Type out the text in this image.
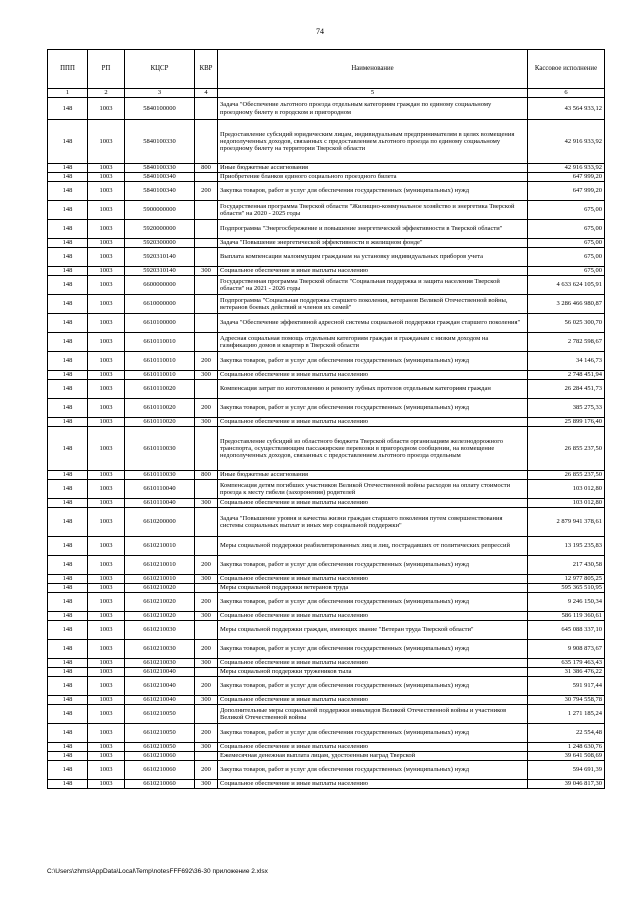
74
ППП	РП	КЦСР	КВР	Наименование	Кассовое исполнение
1	2	3	4	5	6
148	1003	5840100000		Задача "Обеспечение льготного проезда отдельным категориям граждан по единому социальному проездному билету в городском и пригородном	43 564 933,12
148	1003	5840100330		Предоставление субсидий юридическим лицам, индивидуальным предпринимателям в целях возмещения недополученных доходов, связанных с предоставлением льготного проезда по единому социальному проездному билету на территории Тверской области	42 916 933,92
148	1003	5840100330	800	Иные бюджетные ассигнования	42 916 933,92
148	1003	5840100340		Приобретение бланков единого социального проездного билета	647 999,20
148	1003	5840100340	200	Закупка товаров, работ и услуг для обеспечения государственных (муниципальных) нужд	647 999,20
148	1003	5900000000		Государственная программа Тверской области "Жилищно-коммунальное хозяйство и энергетика Тверской области" на 2020 - 2025 годы	675,00
148	1003	5920000000		Подпрограмма "Энергосбережение и повышение энергетической эффективности в Тверской области"	675,00
148	1003	5920300000		Задача "Повышение энергетической эффективности в жилищном фонде"	675,00
148	1003	5920310140		Выплата компенсации малоимущим гражданам на установку индивидуальных приборов учета	675,00
148	1003	5920310140	300	Социальное обеспечение и иные выплаты населению	675,00
148	1003	6600000000		Государственная программа Тверской области "Социальная поддержка и защита населения Тверской области" на 2021 - 2026 годы	4 633 624 105,91
148	1003	6610000000		Подпрограмма "Социальная поддержка старшего поколения, ветеранов Великой Отечественной войны, ветеранов боевых действий и членов их семей"	3 286 466 980,87
148	1003	6610100000		Задача "Обеспечение эффективной адресной системы социальной поддержки граждан старшего поколения"	56 025 300,70
148	1003	6610110010		Адресная социальная помощь отдельным категориям граждан и гражданам с низким доходом на газификацию домов и квартир в Тверской области	2 782 598,67
148	1003	6610110010	200	Закупка товаров, работ и услуг для обеспечения государственных (муниципальных) нужд	34 146,73
148	1003	6610110010	300	Социальное обеспечение и иные выплаты населению	2 748 451,94
148	1003	6610110020		Компенсация затрат по изготовлению и ремонту зубных протезов отдельным категориям граждан	26 284 451,73
148	1003	6610110020	200	Закупка товаров, работ и услуг для обеспечения государственных (муниципальных) нужд	385 275,33
148	1003	6610110020	300	Социальное обеспечение и иные выплаты населению	25 899 176,40
148	1003	6610110030		Предоставление субсидий из областного бюджета Тверской области организациям железнодорожного транспорта, осуществляющим пассажирские перевозки в пригородном сообщении, на возмещение недополученных доходов, связанных с предоставлением льготного проезда отдельным	26 855 237,50
148	1003	6610110030	800	Иные бюджетные ассигнования	26 855 237,50
148	1003	6610110040		Компенсация детям погибших участников Великой Отечественной войны расходов на оплату стоимости проезда к месту гибели (захоронения) родителей	103 012,80
148	1003	6610110040	300	Социальное обеспечение и иные выплаты населению	103 012,80
148	1003	6610200000		Задача "Повышение уровня и качества жизни граждан старшего поколения путем совершенствования системы социальных выплат и иных мер социальной поддержки"	2 879 941 378,61
148	1003	6610210010		Меры социальной поддержки реабилитированных лиц и лиц, пострадавших от политических репрессий	13 195 235,83
148	1003	6610210010	200	Закупка товаров, работ и услуг для обеспечения государственных (муниципальных) нужд	217 430,58
148	1003	6610210010	300	Социальное обеспечение и иные выплаты населению	12 977 805,25
148	1003	6610210020		Меры социальной поддержки ветеранов труда	595 365 510,95
148	1003	6610210020	200	Закупка товаров, работ и услуг для обеспечения государственных (муниципальных) нужд	9 246 150,34
148	1003	6610210020	300	Социальное обеспечение и иные выплаты населению	586 119 360,61
148	1003	6610210030		Меры социальной поддержки граждан, имеющих звание "Ветеран труда Тверской области"	645 088 337,10
148	1003	6610210030	200	Закупка товаров, работ и услуг для обеспечения государственных (муниципальных) нужд	9 908 873,67
148	1003	6610210030	300	Социальное обеспечение и иные выплаты населению	635 179 463,43
148	1003	6610210040		Меры социальной поддержки тружеников тыла	31 386 476,22
148	1003	6610210040	200	Закупка товаров, работ и услуг для обеспечения государственных (муниципальных) нужд	591 917,44
148	1003	6610210040	300	Социальное обеспечение и иные выплаты населению	30 794 558,78
148	1003	6610210050		Дополнительные меры социальной поддержки инвалидов Великой Отечественной войны и участников Великой Отечественной войны	1 271 185,24
148	1003	6610210050	200	Закупка товаров, работ и услуг для обеспечения государственных (муниципальных) нужд	22 554,48
148	1003	6610210050	300	Социальное обеспечение и иные выплаты населению	1 248 630,76
148	1003	6610210060		Ежемесячная денежная выплата лицам, удостоенным наград Тверской	39 641 508,69
148	1003	6610210060	200	Закупка товаров, работ и услуг для обеспечения государственных (муниципальных) нужд	594 691,39
148	1003	6610210060	300	Социальное обеспечение и иные выплаты населению	39 046 817,30
C:\Users\zhms\AppData\Local\Temp\notesFFF692\36-30 приложение 2.xlsx
